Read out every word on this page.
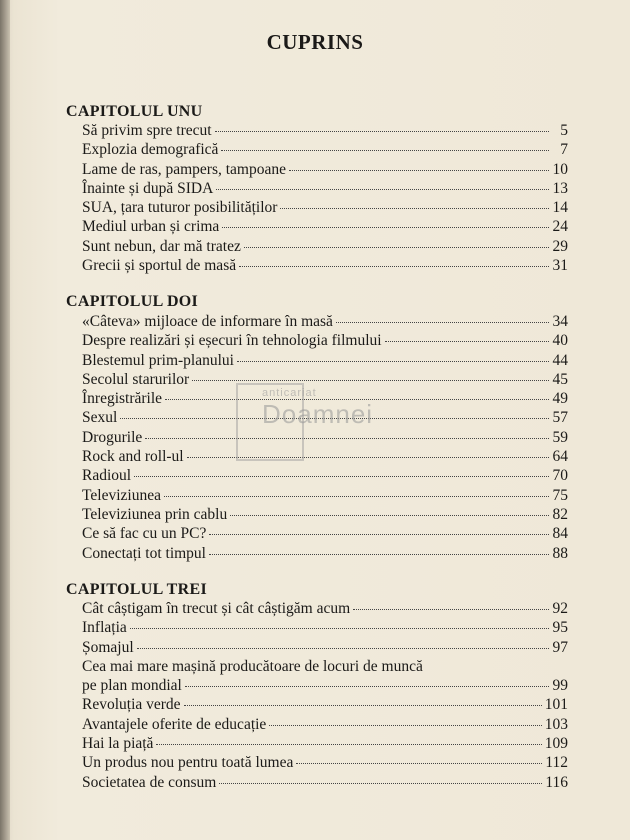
CUPRINS
CAPITOLUL UNU
Să privim spre trecut	5
Explozia demografică	7
Lame de ras, pampers, tampoane	10
Înainte și după SIDA	13
SUA, țara tuturor posibilităților	14
Mediul urban și crima	24
Sunt nebun, dar mă tratez	29
Grecii și sportul de masă	31
CAPITOLUL DOI
«Câteva» mijloace de informare în masă	34
Despre realizări și eșecuri în tehnologia filmului	40
Blestemul prim-planului	44
Secolul starurilor	45
Înregistrările	49
Sexul	57
Drogurile	59
Rock and roll-ul	64
Radioul	70
Televiziunea	75
Televiziunea prin cablu	82
Ce să fac cu un PC?	84
Conectați tot timpul	88
CAPITOLUL TREI
Cât câștigam în trecut și cât câștigăm acum	92
Inflația	95
Șomajul	97
Cea mai mare mașină producătoare de locuri de muncă
pe plan mondial	99
Revoluția verde	101
Avantajele oferite de educație	103
Hai la piață	109
Un produs nou pentru toată lumea	112
Societatea de consum	116
anticariat
Doamnei
